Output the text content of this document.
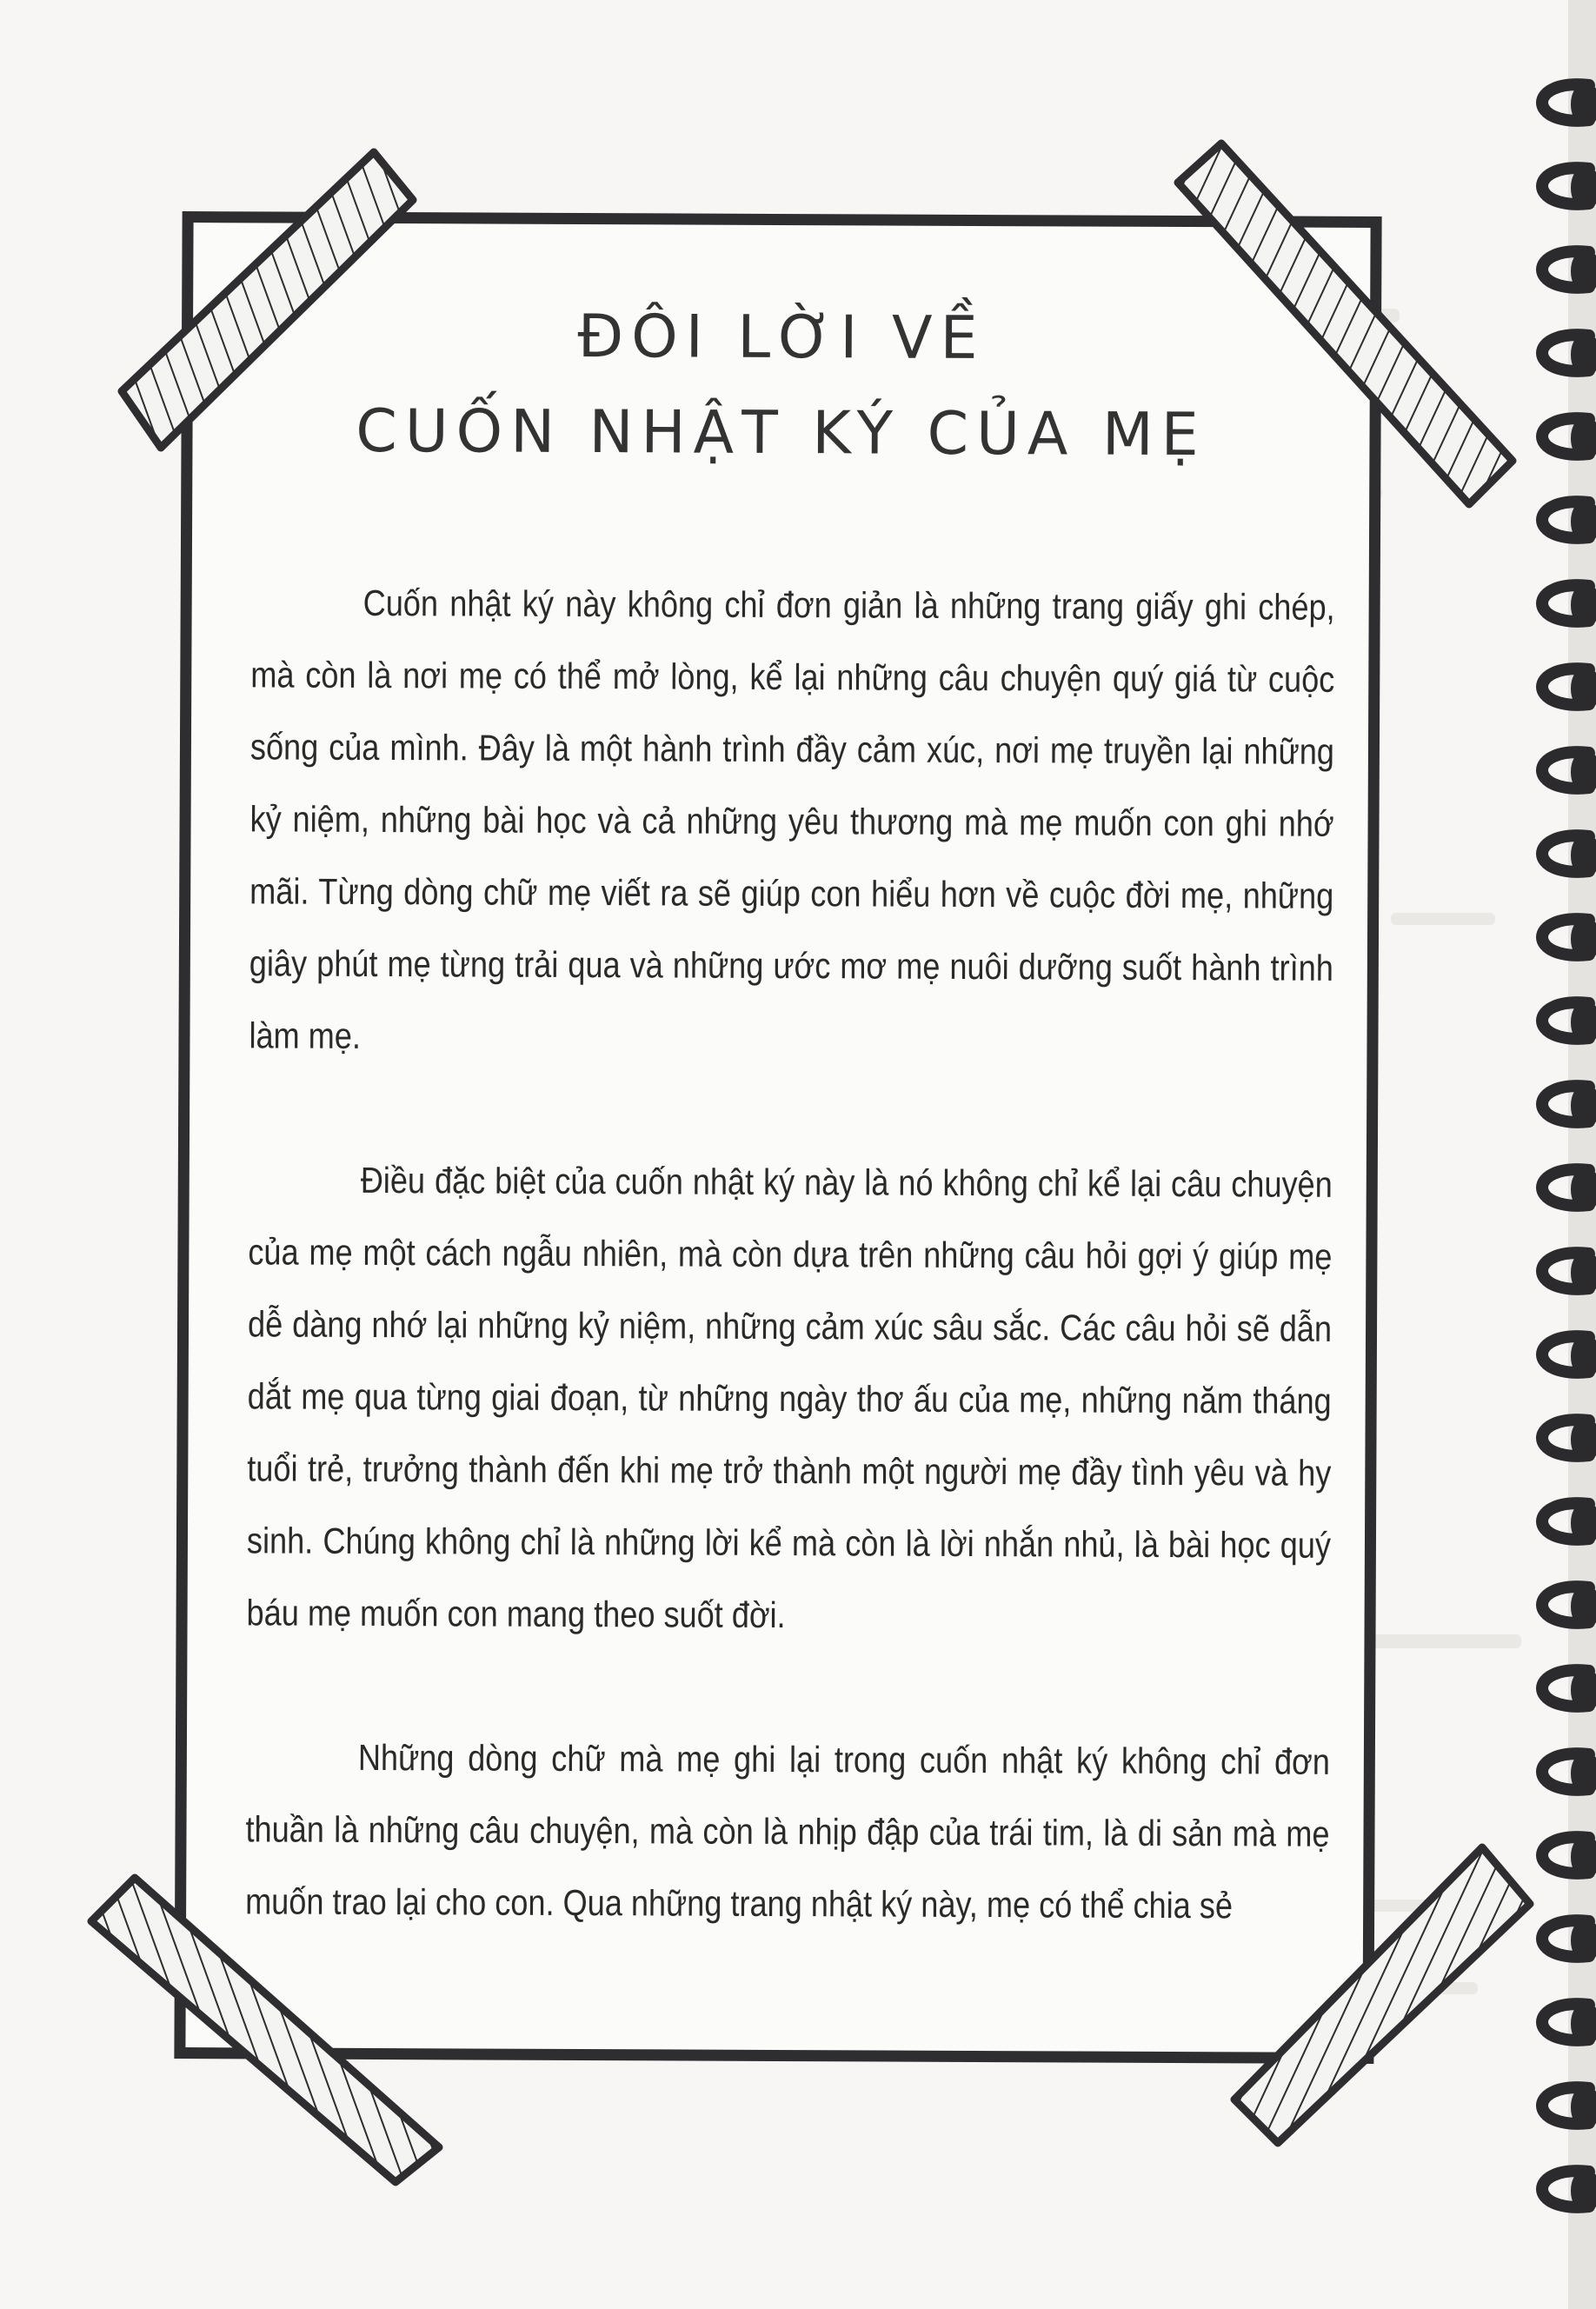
ĐÔI LỜI VỀ
CUỐN NHẬT KÝ CỦA MẸ

Cuốn nhật ký này không chỉ đơn giản là những trang giấy ghi chép, mà còn là nơi mẹ có thể mở lòng, kể lại những câu chuyện quý giá từ cuộc sống của mình. Đây là một hành trình đầy cảm xúc, nơi mẹ truyền lại những kỷ niệm, những bài học và cả những yêu thương mà mẹ muốn con ghi nhớ mãi. Từng dòng chữ mẹ viết ra sẽ giúp con hiểu hơn về cuộc đời mẹ, những giây phút mẹ từng trải qua và những ước mơ mẹ nuôi dưỡng suốt hành trình làm mẹ.

Điều đặc biệt của cuốn nhật ký này là nó không chỉ kể lại câu chuyện của mẹ một cách ngẫu nhiên, mà còn dựa trên những câu hỏi gợi ý giúp mẹ dễ dàng nhớ lại những kỷ niệm, những cảm xúc sâu sắc. Các câu hỏi sẽ dẫn dắt mẹ qua từng giai đoạn, từ những ngày thơ ấu của mẹ, những năm tháng tuổi trẻ, trưởng thành đến khi mẹ trở thành một người mẹ đầy tình yêu và hy sinh. Chúng không chỉ là những lời kể mà còn là lời nhắn nhủ, là bài học quý báu mẹ muốn con mang theo suốt đời.

Những dòng chữ mà mẹ ghi lại trong cuốn nhật ký không chỉ đơn thuần là những câu chuyện, mà còn là nhịp đập của trái tim, là di sản mà mẹ muốn trao lại cho con. Qua những trang nhật ký này, mẹ có thể chia sẻ
